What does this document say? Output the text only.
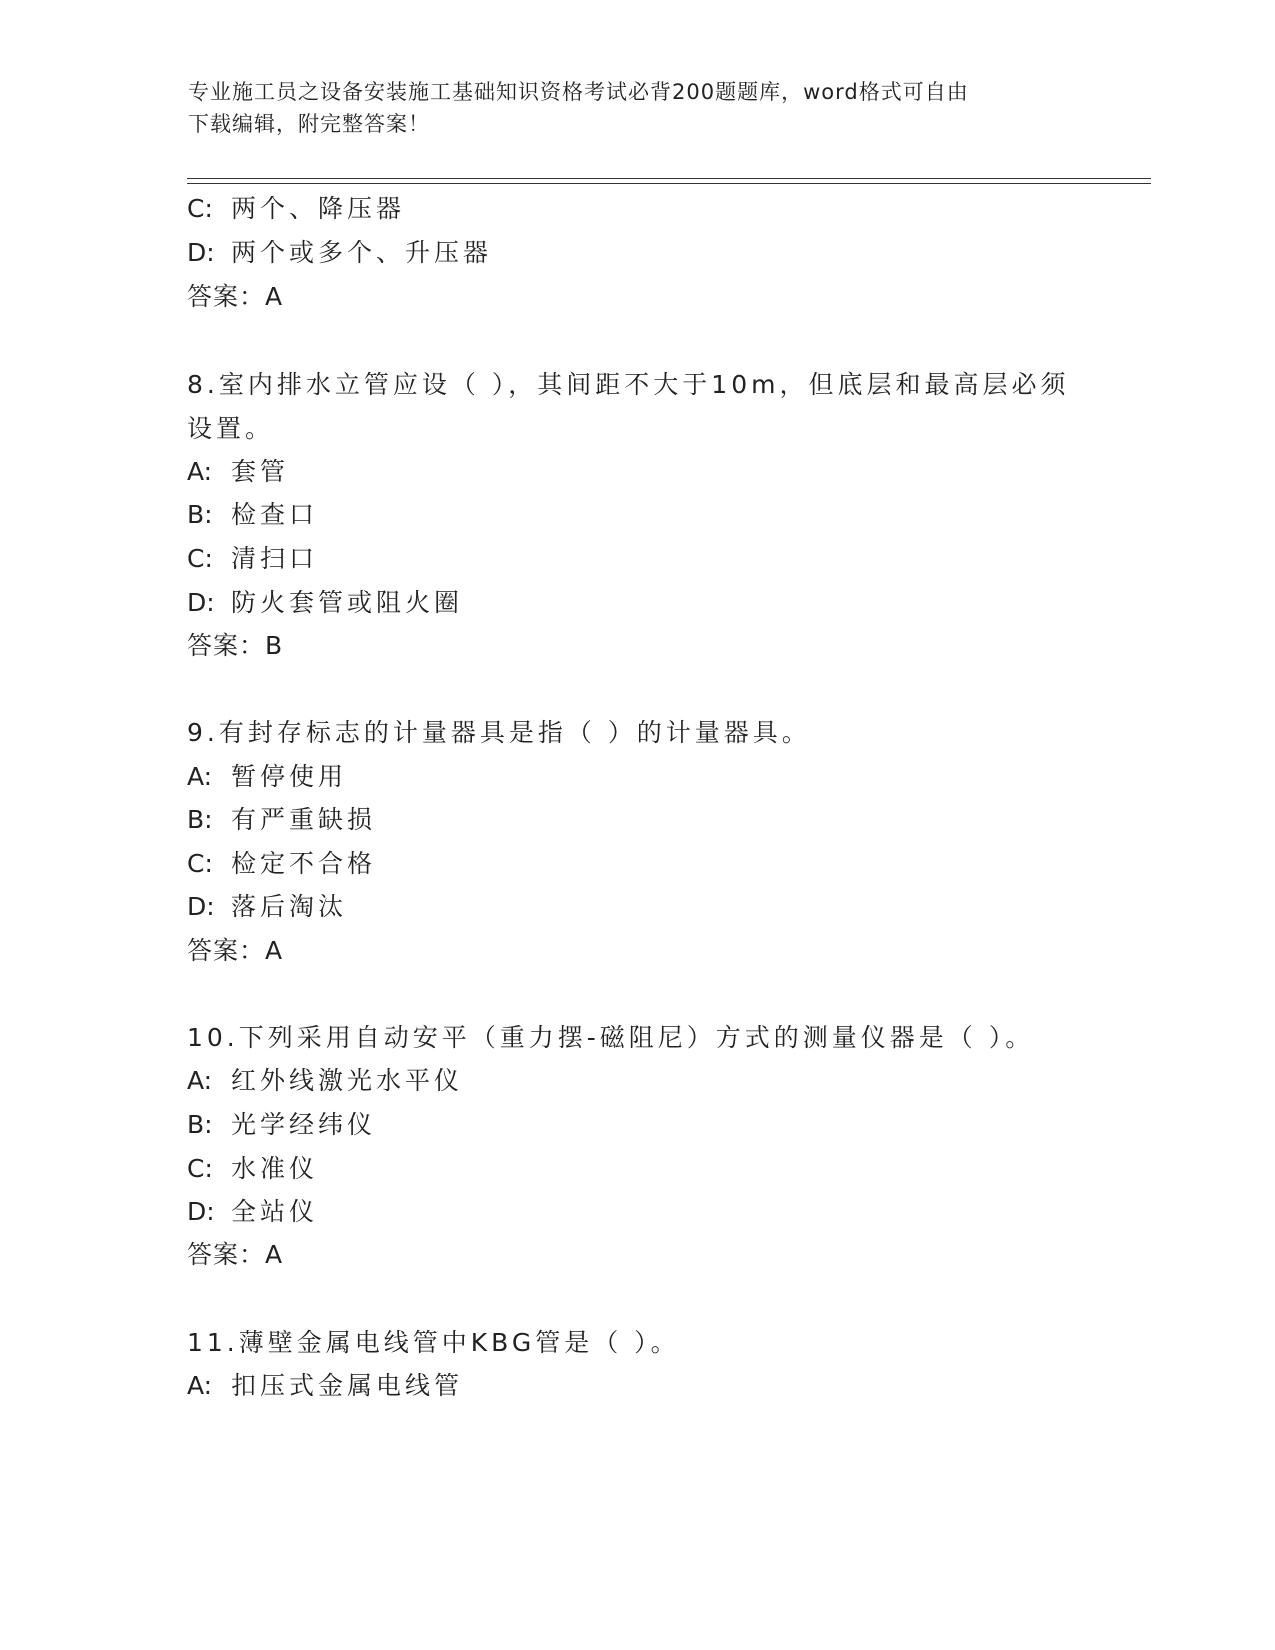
专业施工员之设备安装施工基础知识资格考试必背200题题库，word格式可自由
下载编辑，附完整答案！
C: 两个、降压器
D: 两个或多个、升压器
答案：A
8.室内排水立管应设（ ），其间距不大于10m，但底层和最高层必须
设置。
A: 套管
B: 检查口
C: 清扫口
D: 防火套管或阻火圈
答案：B
9.有封存标志的计量器具是指（ ）的计量器具。
A: 暂停使用
B: 有严重缺损
C: 检定不合格
D: 落后淘汰
答案：A
10.下列采用自动安平（重力摆-磁阻尼）方式的测量仪器是（ ）。
A: 红外线激光水平仪
B: 光学经纬仪
C: 水准仪
D: 全站仪
答案：A
11.薄壁金属电线管中KBG管是（ ）。
A: 扣压式金属电线管
